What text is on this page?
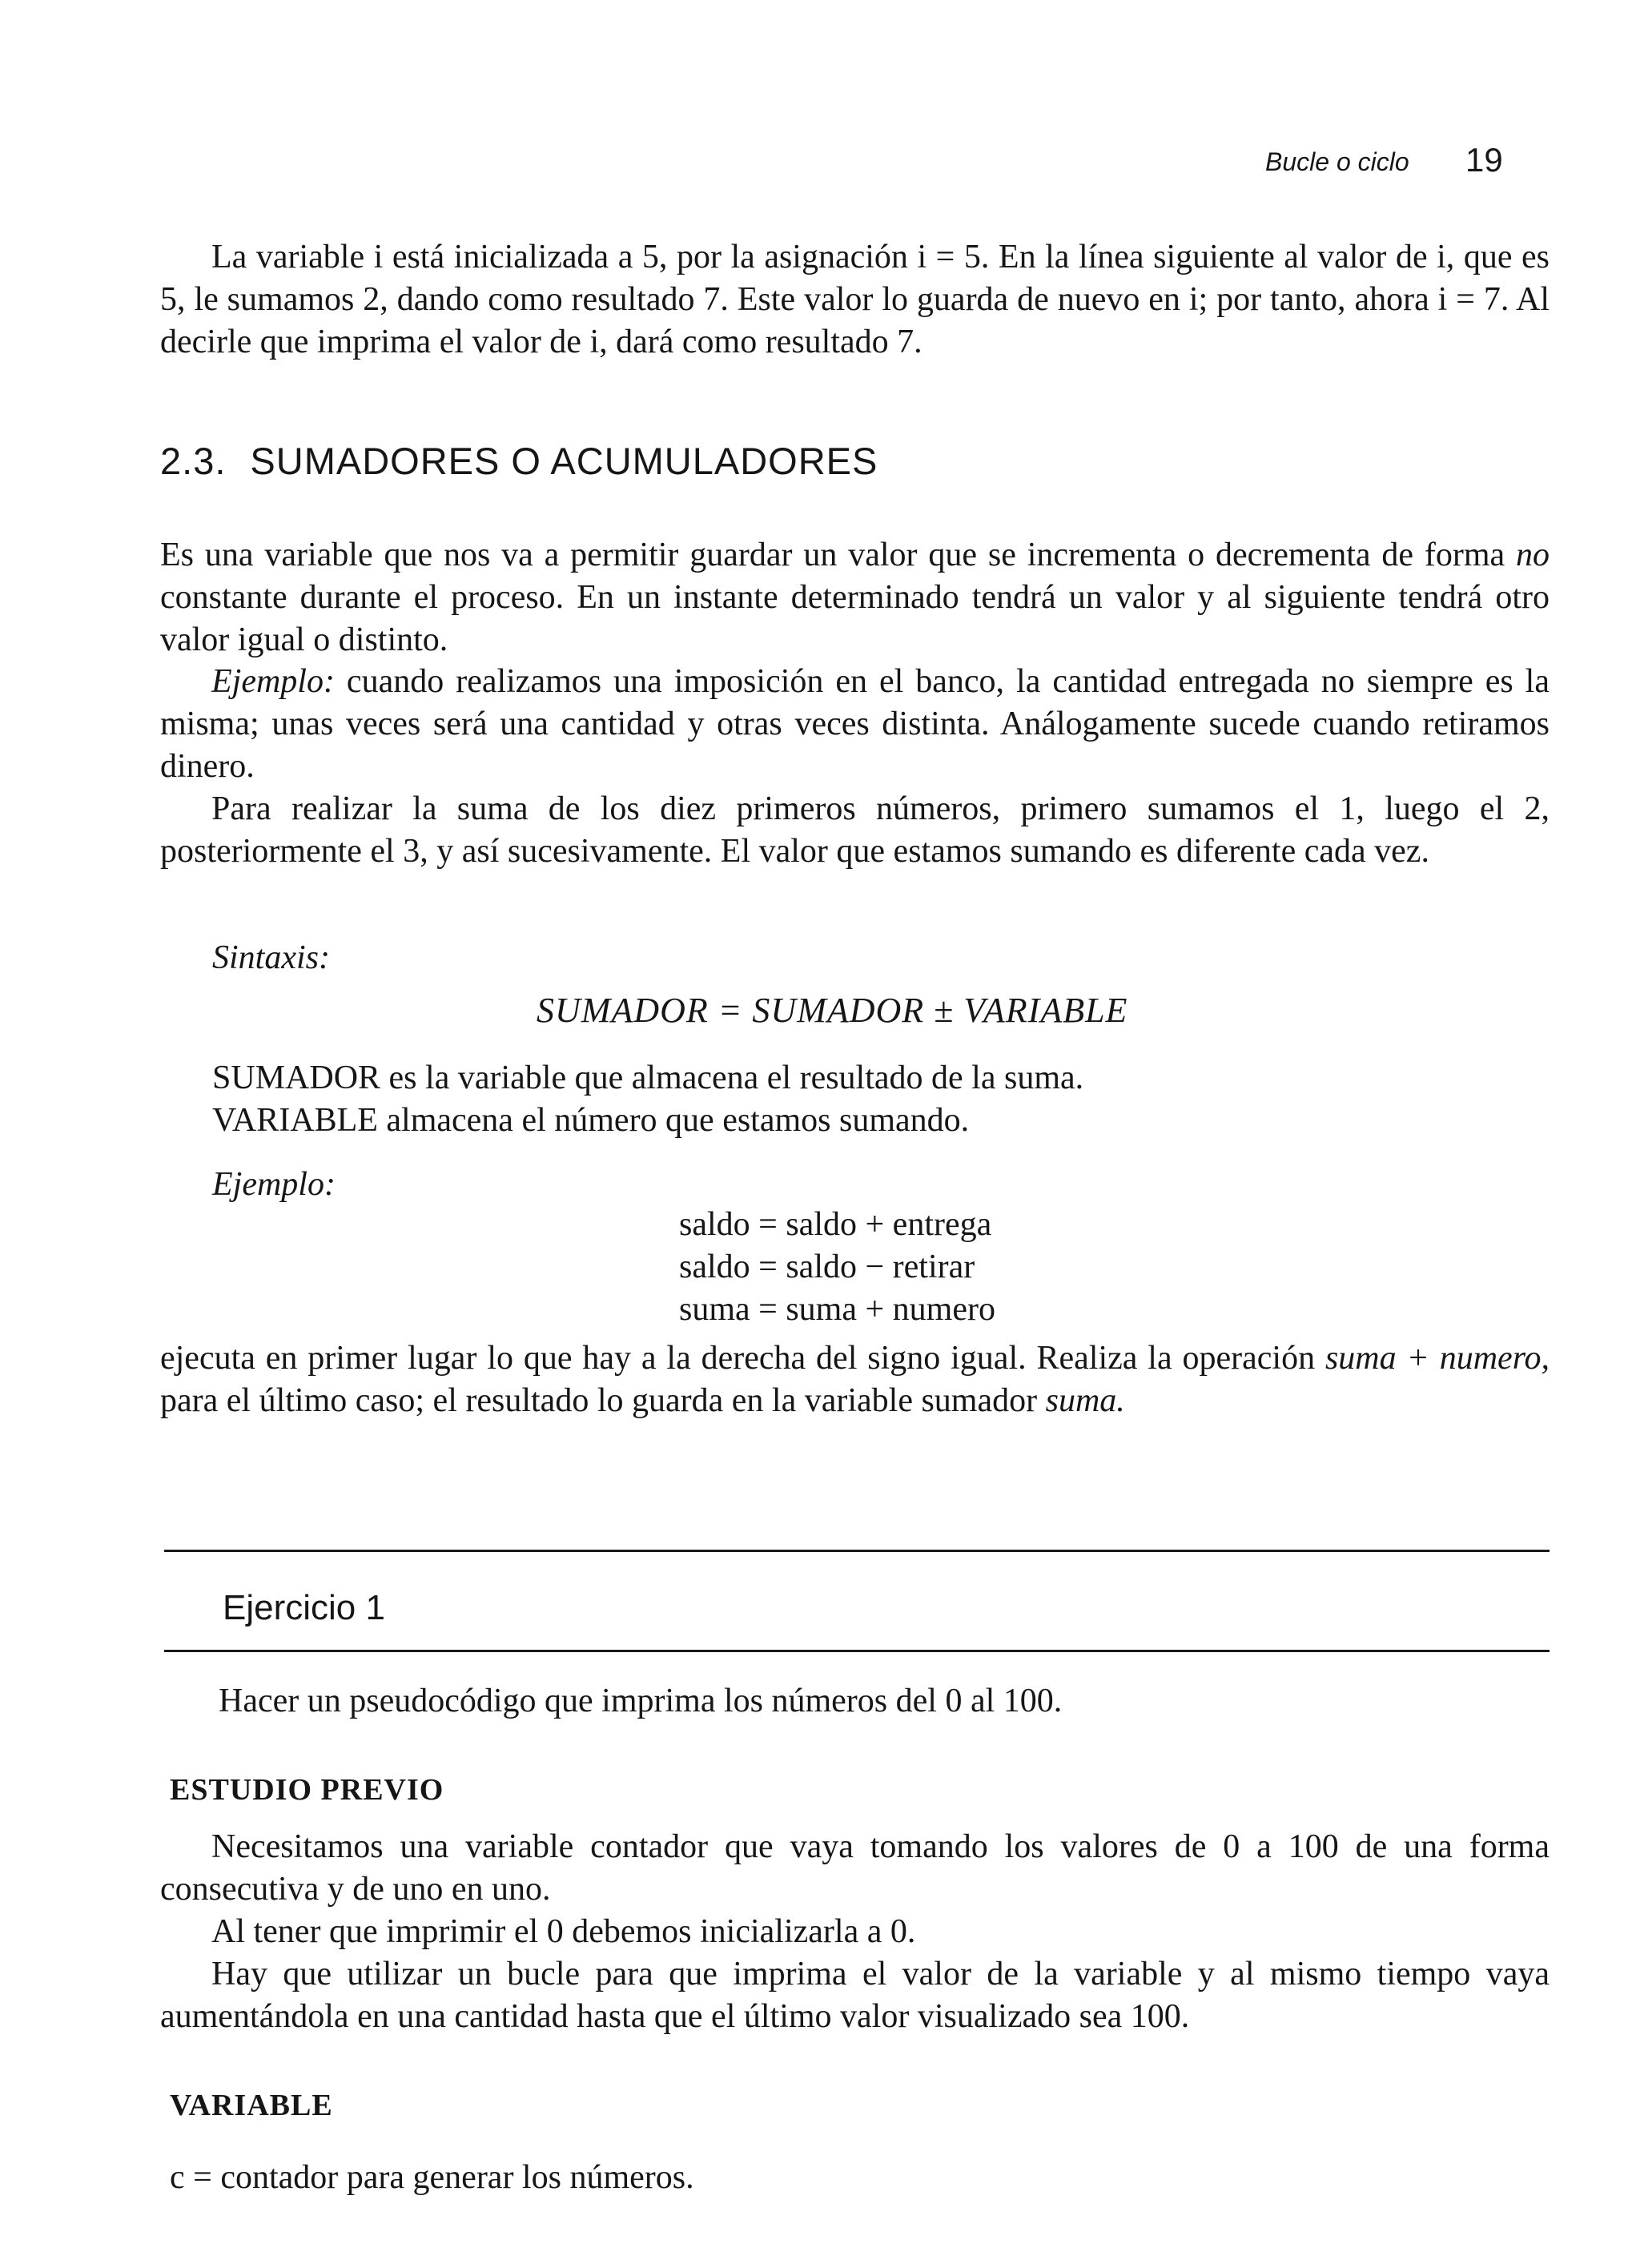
Bucle o ciclo 19

La variable i está inicializada a 5, por la asignación i = 5. En la línea siguiente al valor de i, que es 5, le sumamos 2, dando como resultado 7. Este valor lo guarda de nuevo en i; por tanto, ahora i = 7. Al decirle que imprima el valor de i, dará como resultado 7.

2.3. SUMADORES O ACUMULADORES

Es una variable que nos va a permitir guardar un valor que se incrementa o decrementa de forma no constante durante el proceso. En un instante determinado tendrá un valor y al siguiente tendrá otro valor igual o distinto.

Ejemplo: cuando realizamos una imposición en el banco, la cantidad entregada no siempre es la misma; unas veces será una cantidad y otras veces distinta. Análogamente sucede cuando retiramos dinero.

Para realizar la suma de los diez primeros números, primero sumamos el 1, luego el 2, posteriormente el 3, y así sucesivamente. El valor que estamos sumando es diferente cada vez.

Sintaxis:
SUMADOR = SUMADOR ± VARIABLE
SUMADOR es la variable que almacena el resultado de la suma.
VARIABLE almacena el número que estamos sumando.
Ejemplo:
saldo = saldo + entrega
saldo = saldo − retirar
suma = suma + numero

ejecuta en primer lugar lo que hay a la derecha del signo igual. Realiza la operación suma + numero, para el último caso; el resultado lo guarda en la variable sumador suma.

Ejercicio 1
Hacer un pseudocódigo que imprima los números del 0 al 100.
ESTUDIO PREVIO

Necesitamos una variable contador que vaya tomando los valores de 0 a 100 de una forma consecutiva y de uno en uno.

Al tener que imprimir el 0 debemos inicializarla a 0.

Hay que utilizar un bucle para que imprima el valor de la variable y al mismo tiempo vaya aumentándola en una cantidad hasta que el último valor visualizado sea 100.

VARIABLE
c = contador para generar los números.
